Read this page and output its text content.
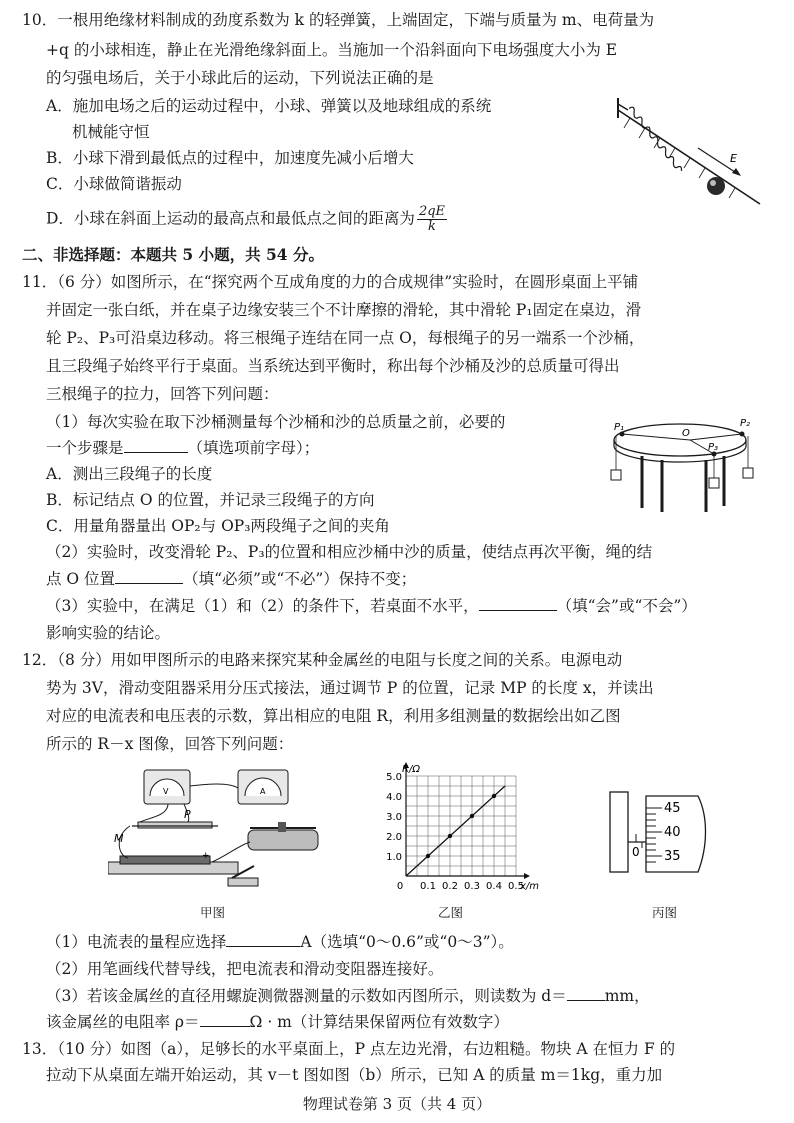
10．一根用绝缘材料制成的劲度系数为 k 的轻弹簧，上端固定，下端与质量为 m、电荷量为
+q 的小球相连，静止在光滑绝缘斜面上。当施加一个沿斜面向下电场强度大小为 E
的匀强电场后，关于小球此后的运动，下列说法正确的是
A．施加电场之后的运动过程中，小球、弹簧以及地球组成的系统
机械能守恒
B．小球下滑到最低点的过程中，加速度先减小后增大
C．小球做简谐振动
D．小球在斜面上运动的最高点和最低点之间的距离为 $\frac{2qE}{k}$
E
二、非选择题：本题共 5 小题，共 54 分。
11．（6 分）如图所示，在“探究两个互成角度的力的合成规律”实验时，在圆形桌面上平铺
并固定一张白纸，并在桌子边缘安装三个不计摩擦的滑轮，其中滑轮 P₁固定在桌边，滑
轮 P₂、P₃可沿桌边移动。将三根绳子连结在同一点 O，每根绳子的另一端系一个沙桶，
且三段绳子始终平行于桌面。当系统达到平衡时，称出每个沙桶及沙的总质量可得出
三根绳子的拉力，回答下列问题：
（1）每次实验在取下沙桶测量每个沙桶和沙的总质量之前，必要的
一个步骤是	（填选项前字母）；
A．测出三段绳子的长度
B．标记结点 O 的位置，并记录三段绳子的方向
C．用量角器量出 OP₂与 OP₃两段绳子之间的夹角
（2）实验时，改变滑轮 P₂、P₃的位置和相应沙桶中沙的质量，使结点再次平衡，绳的结
点 O 位置	（填“必须”或“不必”）保持不变；
（3）实验中，在满足（1）和（2）的条件下，若桌面不水平，	（填“会”或“不会”）
影响实验的结论。
P₁	P₂
P₃
O
12．（8 分）用如甲图所示的电路来探究某种金属丝的电阻与长度之间的关系。电源电动
势为 3V，滑动变阻器采用分压式接法，通过调节 P 的位置，记录 MP 的长度 x，并读出
对应的电流表和电压表的示数，算出相应的电阻 R，利用多组测量的数据绘出如乙图
所示的 R－x 图像，回答下列问题：
V	A
M
P
+
甲图
1.0
2.0
3.0
4.0
5.0
0.1 0.2 0.3 0.4 0.5
0
R/Ω
x/m
乙图
45
40
35
0
丙图
（1）电流表的量程应选择	A（选填“0～0.6”或“0～3”）。
（2）用笔画线代替导线，把电流表和滑动变阻器连接好。
（3）若该金属丝的直径用螺旋测微器测量的示数如丙图所示，则读数为 d＝ mm，
该金属丝的电阻率 ρ＝	Ω · m（计算结果保留两位有效数字）
13．（10 分）如图（a），足够长的水平桌面上，P 点左边光滑，右边粗糙。物块 A 在恒力 F 的
拉动下从桌面左端开始运动，其 v－t 图如图（b）所示，已知 A 的质量 m＝1kg，重力加
物理试卷第 3 页（共 4 页）
